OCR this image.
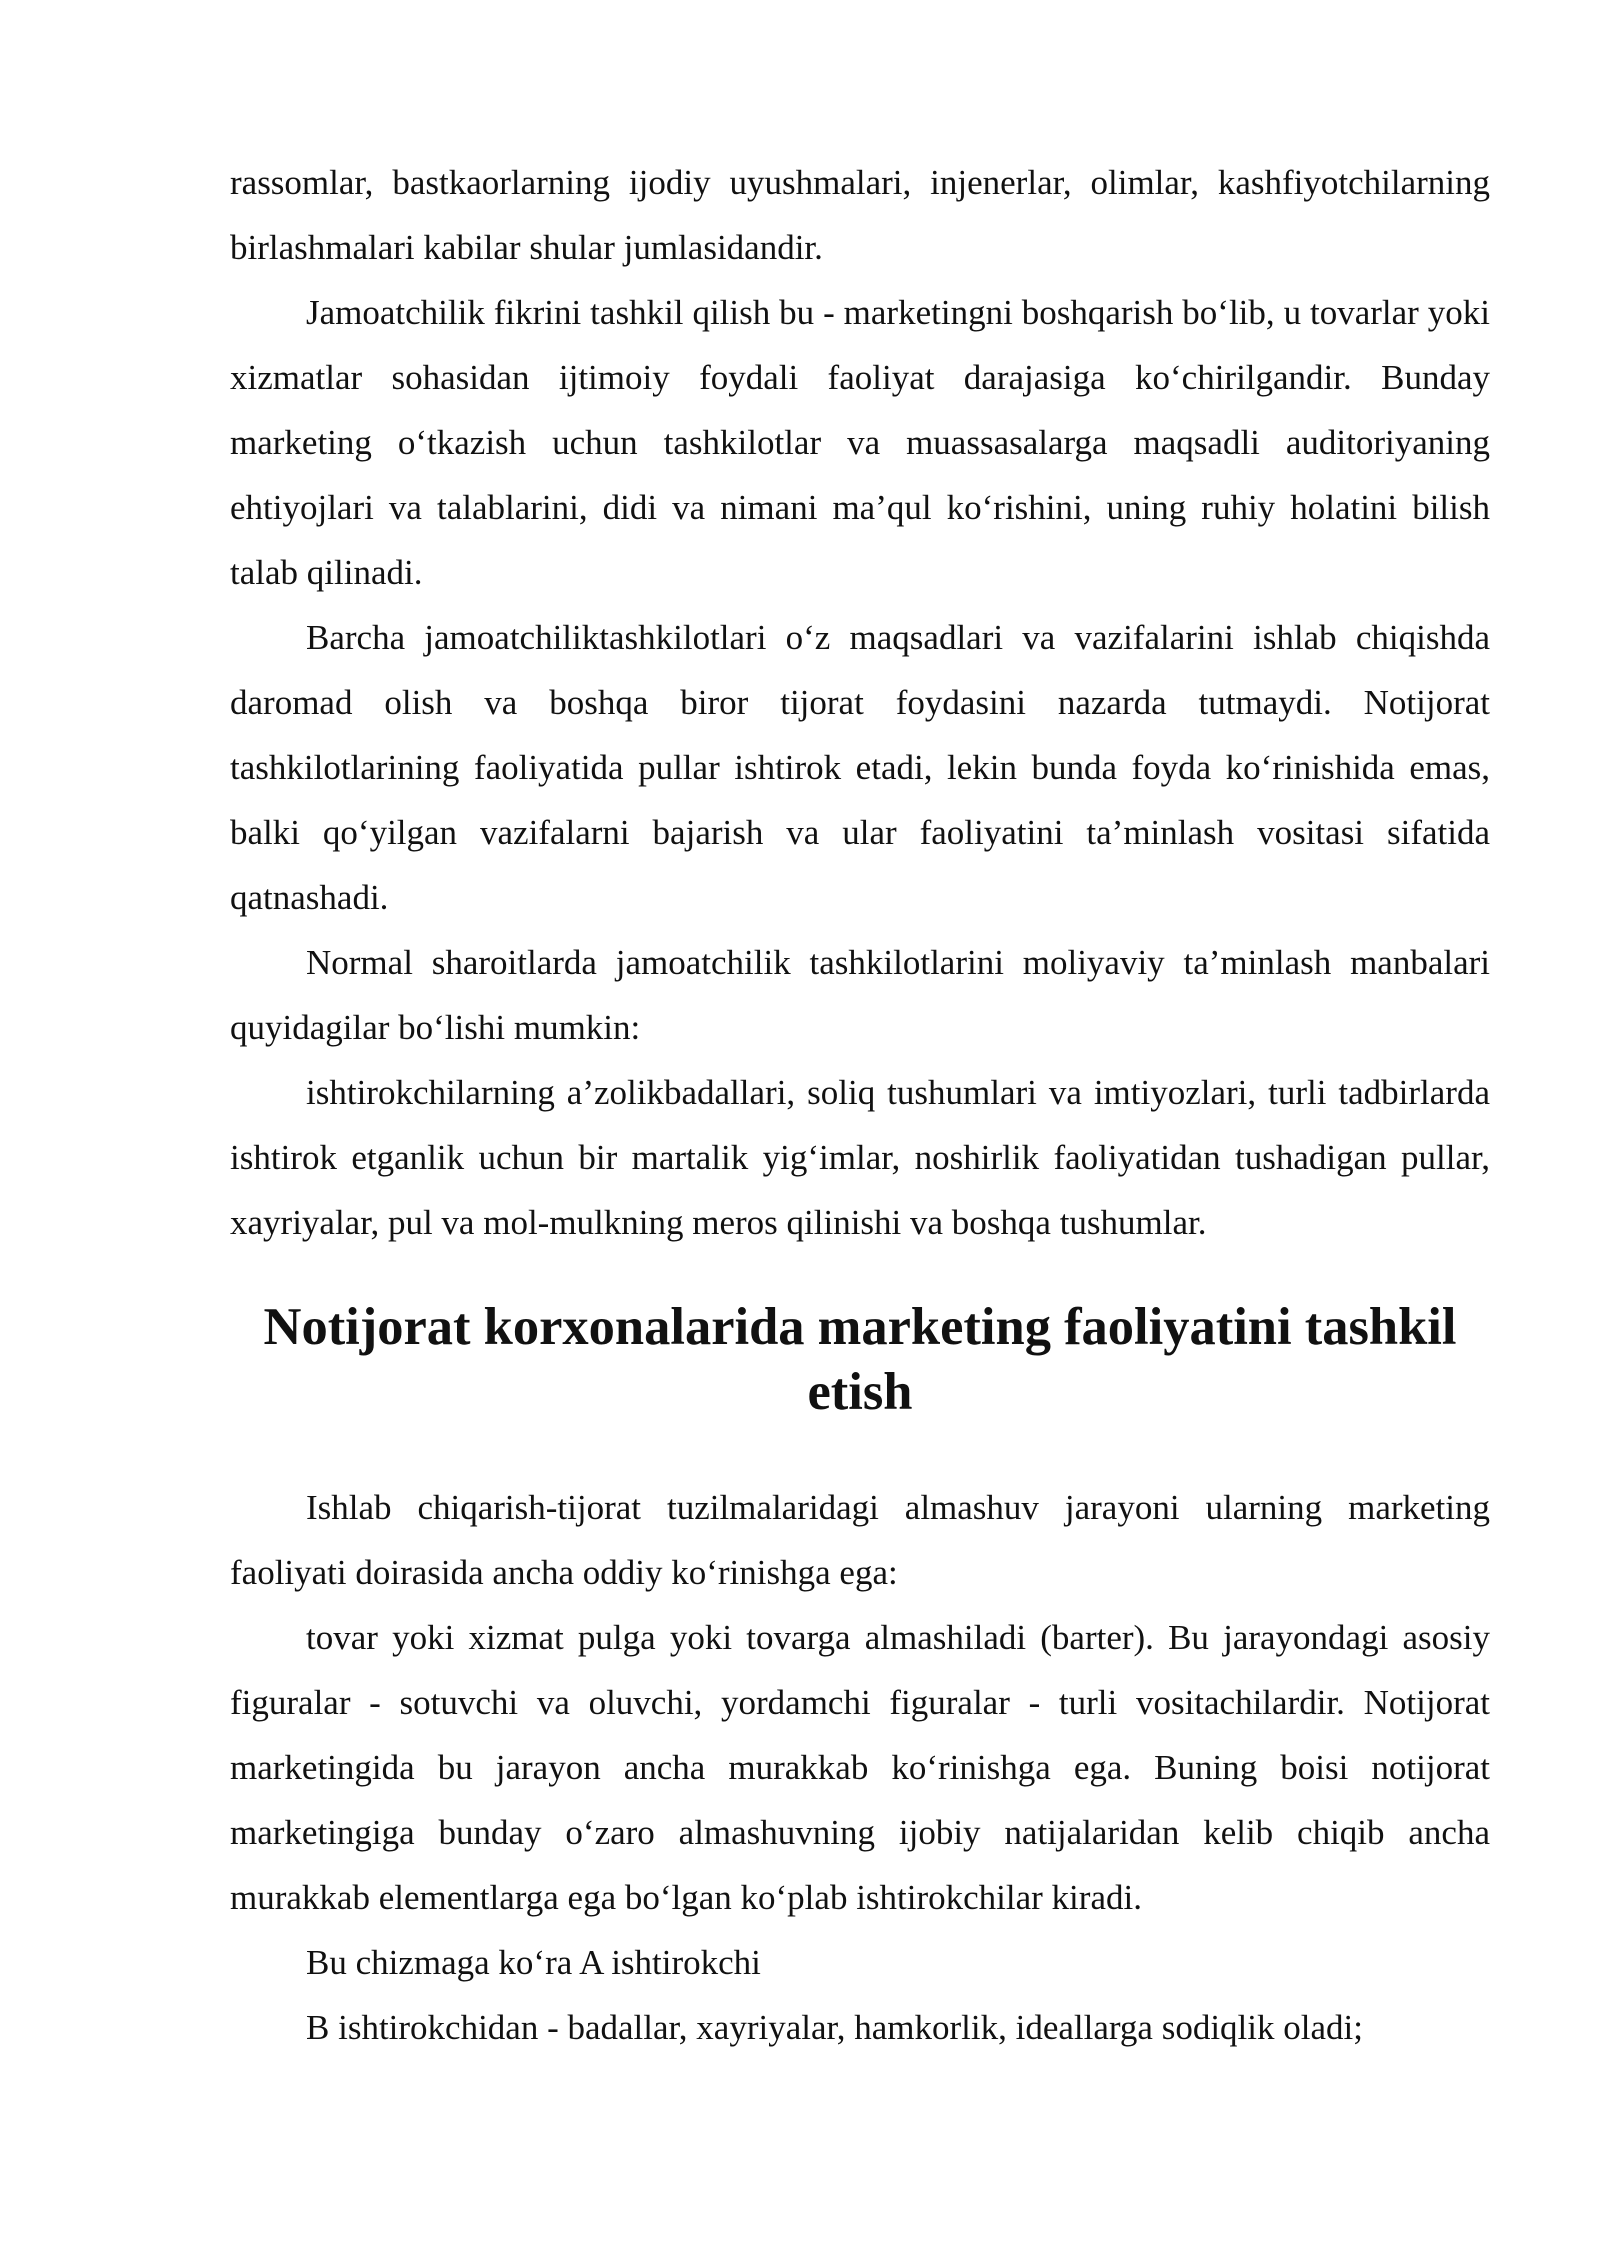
rassomlar, bastkaorlarning ijodiy uyushmalari, injenerlar, olimlar, kashfiyotchilarning birlashmalari kabilar shular jumlasidandir.

Jamoatchilik fikrini tashkil qilish bu - marketingni boshqarish bo‘lib, u tovarlar yoki xizmatlar sohasidan ijtimoiy foydali faoliyat darajasiga ko‘chirilgandir. Bunday marketing o‘tkazish uchun tashkilotlar va muassasalarga maqsadli auditoriyaning ehtiyojlari va talablarini, didi va nimani ma’qul ko‘rishini, uning ruhiy holatini bilish talab qilinadi.

Barcha jamoatchiliktashkilotlari o‘z maqsadlari va vazifalarini ishlab chiqishda daromad olish va boshqa biror tijorat foydasini nazarda tutmaydi. Notijorat tashkilotlarining faoliyatida pullar ishtirok etadi, lekin bunda foyda ko‘rinishida emas, balki qo‘yilgan vazifalarni bajarish va ular faoliyatini ta’minlash vositasi sifatida qatnashadi.

Normal sharoitlarda jamoatchilik tashkilotlarini moliyaviy ta’minlash manbalari quyidagilar bo‘lishi mumkin:

ishtirokchilarning a’zolikbadallari, soliq tushumlari va imtiyozlari, turli tadbirlarda ishtirok etganlik uchun bir martalik yig‘imlar, noshirlik faoliyatidan tushadigan pullar, xayriyalar, pul va mol-mulkning meros qilinishi va boshqa tushumlar.

Notijorat korxonalarida marketing faoliyatini tashkil etish

Ishlab chiqarish-tijorat tuzilmalaridagi almashuv jarayoni ularning marketing faoliyati doirasida ancha oddiy ko‘rinishga ega:

tovar yoki xizmat pulga yoki tovarga almashiladi (barter). Bu jarayondagi asosiy figuralar - sotuvchi va oluvchi, yordamchi figuralar - turli vositachilardir. Notijorat marketingida bu jarayon ancha murakkab ko‘rinishga ega. Buning boisi notijorat marketingiga bunday o‘zaro almashuvning ijobiy natijalaridan kelib chiqib ancha murakkab elementlarga ega bo‘lgan ko‘plab ishtirokchilar kiradi.

Bu chizmaga ko‘ra A ishtirokchi

B ishtirokchidan - badallar, xayriyalar, hamkorlik, ideallarga sodiqlik oladi;
